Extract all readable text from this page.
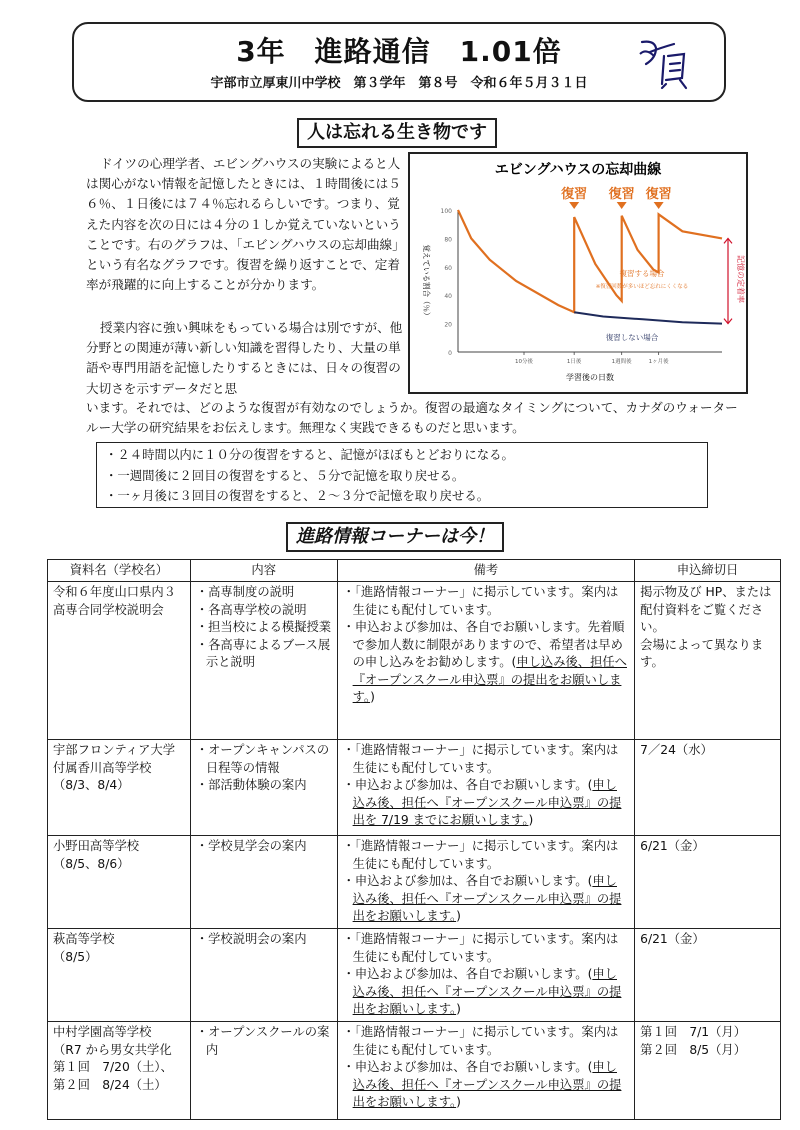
3年　進路通信　1.01倍
宇部市立厚東川中学校　第３学年　第８号　令和６年５月３１日
人は忘れる生き物です
ドイツの心理学者、エビングハウスの実験によると人は関心がない情報を記憶したときには、１時間後には５６％、１日後には７４％忘れるらしいです。つまり、覚えた内容を次の日には４分の１しか覚えていないということです。右のグラフは、「エビングハウスの忘却曲線」という有名なグラフです。復習を繰り返すことで、定着率が飛躍的に向上することが分かります。
授業内容に強い興味をもっている場合は別ですが、他分野との関連が薄い新しい知識を習得したり、大量の単語や専門用語を記憶したりするときには、日々の復習の大切さを示すデータだと思
います。それでは、どのような復習が有効なのでしょうか。復習の最適なタイミングについて、カナダのウォータールー大学の研究結果をお伝えします。無理なく実践できるものだと思います。
エビングハウスの忘却曲線
100
80
60
40
20
0
10分後	1日後	1週間後	1ヶ月後
学習後の日数
覚えている割合（％）
復習 復習 復習
復習する場合
※復習回数が多いほど忘れにくくなる
復習しない場合
記憶の定着率
・２４時間以内に１０分の復習をすると、記憶がほぼもとどおりになる。
・一週間後に２回目の復習をすると、５分で記憶を取り戻せる。
・一ヶ月後に３回目の復習をすると、２～３分で記憶を取り戻せる。
進路情報コーナーは今！
資料名（学校名）	内容	備考	申込締切日

令和６年度山口県内３高専合同学校説明会	・高専制度の説明
・各高専学校の説明
・担当校による模擬授業
・各高専によるブース展示と説明	・「進路情報コーナー」に掲示しています。案内は生徒にも配付しています。
・申込および参加は、各自でお願いします。先着順で参加人数に制限がありますので、希望者は早めの申し込みをお勧めします。(申し込み後、担任へ『オープンスクール申込票』の提出をお願いします。)	掲示物及び HP、または配付資料をご覧ください。
会場によって異なります。

宇部フロンティア大学付属香川高等学校
（8/3、8/4）	・オープンキャンパスの日程等の情報
・部活動体験の案内	・「進路情報コーナー」に掲示しています。案内は生徒にも配付しています。
・申込および参加は、各自でお願いします。(申し込み後、担任へ『オープンスクール申込票』の提出を 7/19 までにお願いします。)	7／24（水）

小野田高等学校
（8/5、8/6）	・学校見学会の案内	・「進路情報コーナー」に掲示しています。案内は生徒にも配付しています。
・申込および参加は、各自でお願いします。(申し込み後、担任へ『オープンスクール申込票』の提出をお願いします。)	6/21（金）

萩高等学校
（8/5）	・学校説明会の案内	・「進路情報コーナー」に掲示しています。案内は生徒にも配付しています。
・申込および参加は、各自でお願いします。(申し込み後、担任へ『オープンスクール申込票』の提出をお願いします。)	6/21（金）

中村学園高等学校
（R7 から男女共学化
第１回　7/20（土）、
第２回　8/24（土）	・オープンスクールの案内	・「進路情報コーナー」に掲示しています。案内は生徒にも配付しています。
・申込および参加は、各自でお願いします。(申し込み後、担任へ『オープンスクール申込票』の提出をお願いします。)	第１回　7/1（月）
第２回　8/5（月）
